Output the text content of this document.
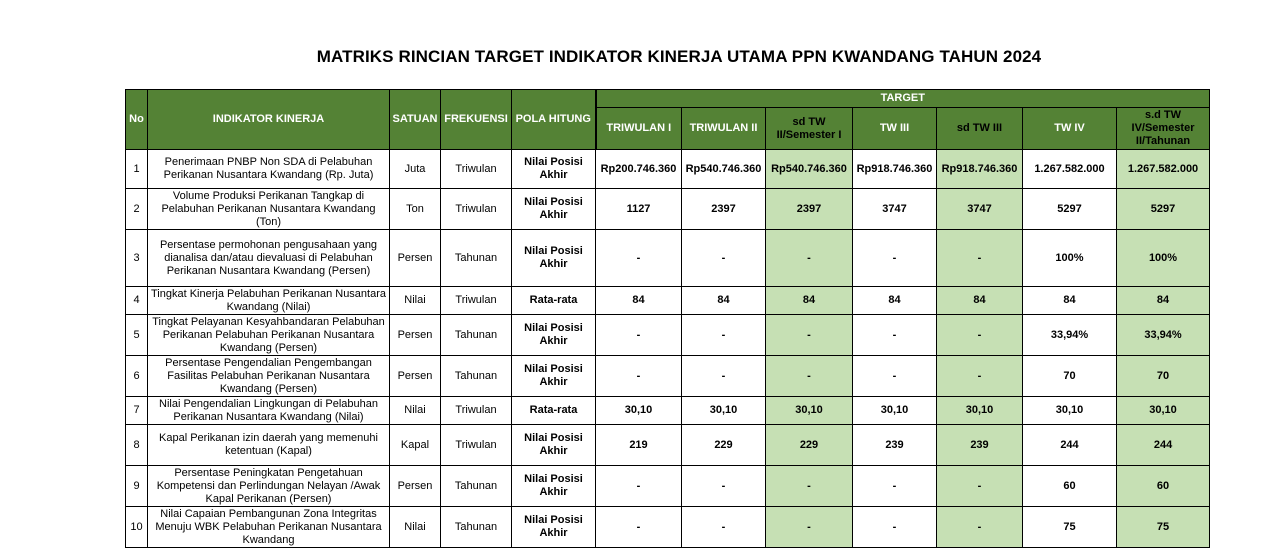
MATRIKS RINCIAN TARGET INDIKATOR KINERJA UTAMA PPN KWANDANG TAHUN 2024
No	INDIKATOR KINERJA	SATUAN	FREKUENSI	POLA HITUNG	TARGET						
					TRIWULAN I	TRIWULAN II	sd TW II/Semester I	TW III	sd TW III	TW IV	s.d TW IV/Semester II/Tahunan
1	Penerimaan PNBP Non SDA di Pelabuhan Perikanan Nusantara Kwandang (Rp. Juta)	Juta	Triwulan	Nilai Posisi Akhir	Rp200.746.360	Rp540.746.360	Rp540.746.360	Rp918.746.360	Rp918.746.360	1.267.582.000	1.267.582.000
2	Volume Produksi Perikanan Tangkap di Pelabuhan Perikanan Nusantara Kwandang (Ton)	Ton	Triwulan	Nilai Posisi Akhir	1127	2397	2397	3747	3747	5297	5297
3	Persentase permohonan pengusahaan yang dianalisa dan/atau dievaluasi di Pelabuhan Perikanan Nusantara Kwandang (Persen)	Persen	Tahunan	Nilai Posisi Akhir	-	-	-	-	-	100%	100%
4	Tingkat Kinerja Pelabuhan Perikanan Nusantara Kwandang (Nilai)	Nilai	Triwulan	Rata-rata	84	84	84	84	84	84	84
5	Tingkat Pelayanan Kesyahbandaran Pelabuhan Perikanan Pelabuhan Perikanan Nusantara Kwandang (Persen)	Persen	Tahunan	Nilai Posisi Akhir	-	-	-	-	-	33,94%	33,94%
6	Persentase Pengendalian Pengembangan Fasilitas Pelabuhan Perikanan Nusantara Kwandang (Persen)	Persen	Tahunan	Nilai Posisi Akhir	-	-	-	-	-	70	70
7	Nilai Pengendalian Lingkungan di Pelabuhan Perikanan Nusantara Kwandang (Nilai)	Nilai	Triwulan	Rata-rata	30,10	30,10	30,10	30,10	30,10	30,10	30,10
8	Kapal Perikanan izin daerah yang memenuhi ketentuan (Kapal)	Kapal	Triwulan	Nilai Posisi Akhir	219	229	229	239	239	244	244
9	Persentase Peningkatan Pengetahuan Kompetensi dan Perlindungan Nelayan /Awak Kapal Perikanan (Persen)	Persen	Tahunan	Nilai Posisi Akhir	-	-	-	-	-	60	60
10	Nilai Capaian Pembangunan Zona Integritas Menuju WBK Pelabuhan Perikanan Nusantara Kwandang	Nilai	Tahunan	Nilai Posisi Akhir	-	-	-	-	-	75	75
